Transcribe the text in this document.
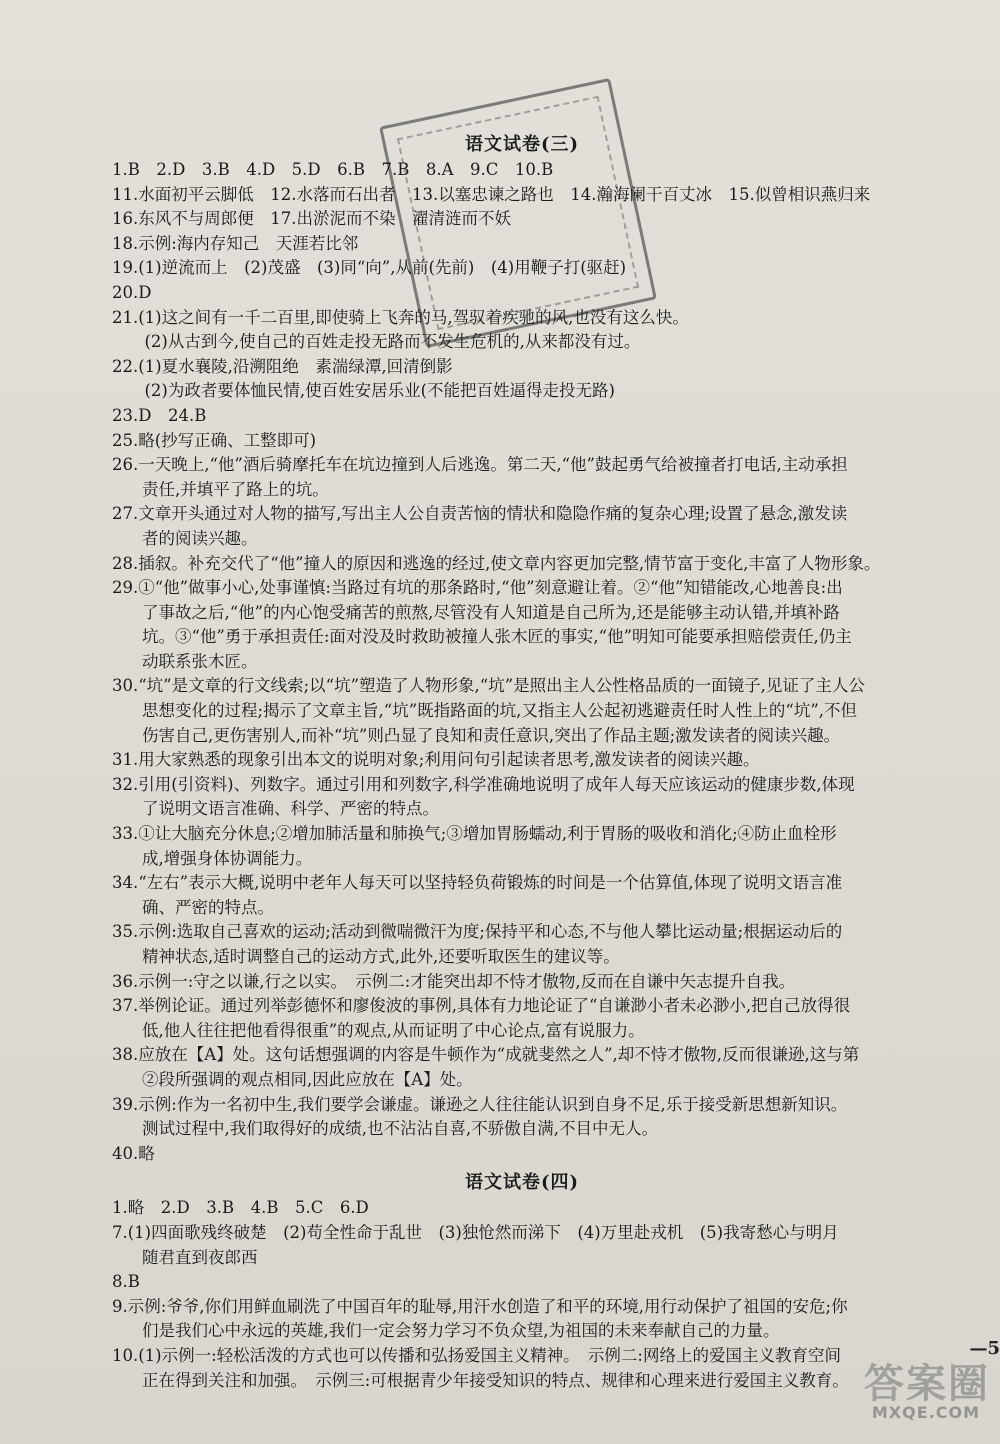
语文试卷(三)
1.B　2.D　3.B　4.D　5.D　6.B　7.B　8.A　9.C　10.B
11.水面初平云脚低　12.水落而石出者　13.以塞忠谏之路也　14.瀚海阑干百丈冰　15.似曾相识燕归来
16.东风不与周郎便　17.出淤泥而不染　濯清涟而不妖
18.示例:海内存知己　天涯若比邻
19.(1)逆流而上　(2)茂盛　(3)同“向”,从前(先前)　(4)用鞭子打(驱赶)
20.D
21.(1)这之间有一千二百里,即使骑上飞奔的马,驾驭着疾驰的风,也没有这么快。
　(2)从古到今,使自己的百姓走投无路而不发生危机的,从来都没有过。
22.(1)夏水襄陵,沿溯阻绝　素湍绿潭,回清倒影
　(2)为政者要体恤民情,使百姓安居乐业(不能把百姓逼得走投无路)
23.D　24.B
25.略(抄写正确、工整即可)
26.一天晚上,“他”酒后骑摩托车在坑边撞到人后逃逸。第二天,“他”鼓起勇气给被撞者打电话,主动承担
责任,并填平了路上的坑。
27.文章开头通过对人物的描写,写出主人公自责苦恼的情状和隐隐作痛的复杂心理;设置了悬念,激发读
者的阅读兴趣。
28.插叙。补充交代了“他”撞人的原因和逃逸的经过,使文章内容更加完整,情节富于变化,丰富了人物形象。
29.①“他”做事小心,处事谨慎:当路过有坑的那条路时,“他”刻意避让着。②“他”知错能改,心地善良:出
了事故之后,“他”的内心饱受痛苦的煎熬,尽管没有人知道是自己所为,还是能够主动认错,并填补路
坑。③“他”勇于承担责任:面对没及时救助被撞人张木匠的事实,“他”明知可能要承担赔偿责任,仍主
动联系张木匠。
30.“坑”是文章的行文线索;以“坑”塑造了人物形象,“坑”是照出主人公性格品质的一面镜子,见证了主人公
思想变化的过程;揭示了文章主旨,“坑”既指路面的坑,又指主人公起初逃避责任时人性上的“坑”,不但
伤害自己,更伤害别人,而补“坑”则凸显了良知和责任意识,突出了作品主题;激发读者的阅读兴趣。
31.用大家熟悉的现象引出本文的说明对象;利用问句引起读者思考,激发读者的阅读兴趣。
32.引用(引资料)、列数字。通过引用和列数字,科学准确地说明了成年人每天应该运动的健康步数,体现
了说明文语言准确、科学、严密的特点。
33.①让大脑充分休息;②增加肺活量和肺换气;③增加胃肠蠕动,利于胃肠的吸收和消化;④防止血栓形
成,增强身体协调能力。
34.“左右”表示大概,说明中老年人每天可以坚持轻负荷锻炼的时间是一个估算值,体现了说明文语言准
确、严密的特点。
35.示例:选取自己喜欢的运动;活动到微喘微汗为度;保持平和心态,不与他人攀比运动量;根据运动后的
精神状态,适时调整自己的运动方式,此外,还要听取医生的建议等。
36.示例一:守之以谦,行之以实。　示例二:才能突出却不恃才傲物,反而在自谦中矢志提升自我。
37.举例论证。通过列举彭德怀和廖俊波的事例,具体有力地论证了“自谦渺小者未必渺小,把自己放得很
低,他人往往把他看得很重”的观点,从而证明了中心论点,富有说服力。
38.应放在【A】处。这句话想强调的内容是牛顿作为“成就斐然之人”,却不恃才傲物,反而很谦逊,这与第
②段所强调的观点相同,因此应放在【A】处。
39.示例:作为一名初中生,我们要学会谦虚。谦逊之人往往能认识到自身不足,乐于接受新思想新知识。
测试过程中,我们取得好的成绩,也不沾沾自喜,不骄傲自满,不目中无人。
40.略
语文试卷(四)
1.略　2.D　3.B　4.B　5.C　6.D
7.(1)四面歌残终破楚　(2)苟全性命于乱世　(3)独怆然而涕下　(4)万里赴戎机　(5)我寄愁心与明月
随君直到夜郎西
8.B
9.示例:爷爷,你们用鲜血刷洗了中国百年的耻辱,用汗水创造了和平的环境,用行动保护了祖国的安危;你
们是我们心中永远的英雄,我们一定会努力学习不负众望,为祖国的未来奉献自己的力量。
10.(1)示例一:轻松活泼的方式也可以传播和弘扬爱国主义精神。　示例二:网络上的爱国主义教育空间
正在得到关注和加强。　示例三:可根据青少年接受知识的特点、规律和心理来进行爱国主义教育。
—5
答案圈
MXQE.COM
